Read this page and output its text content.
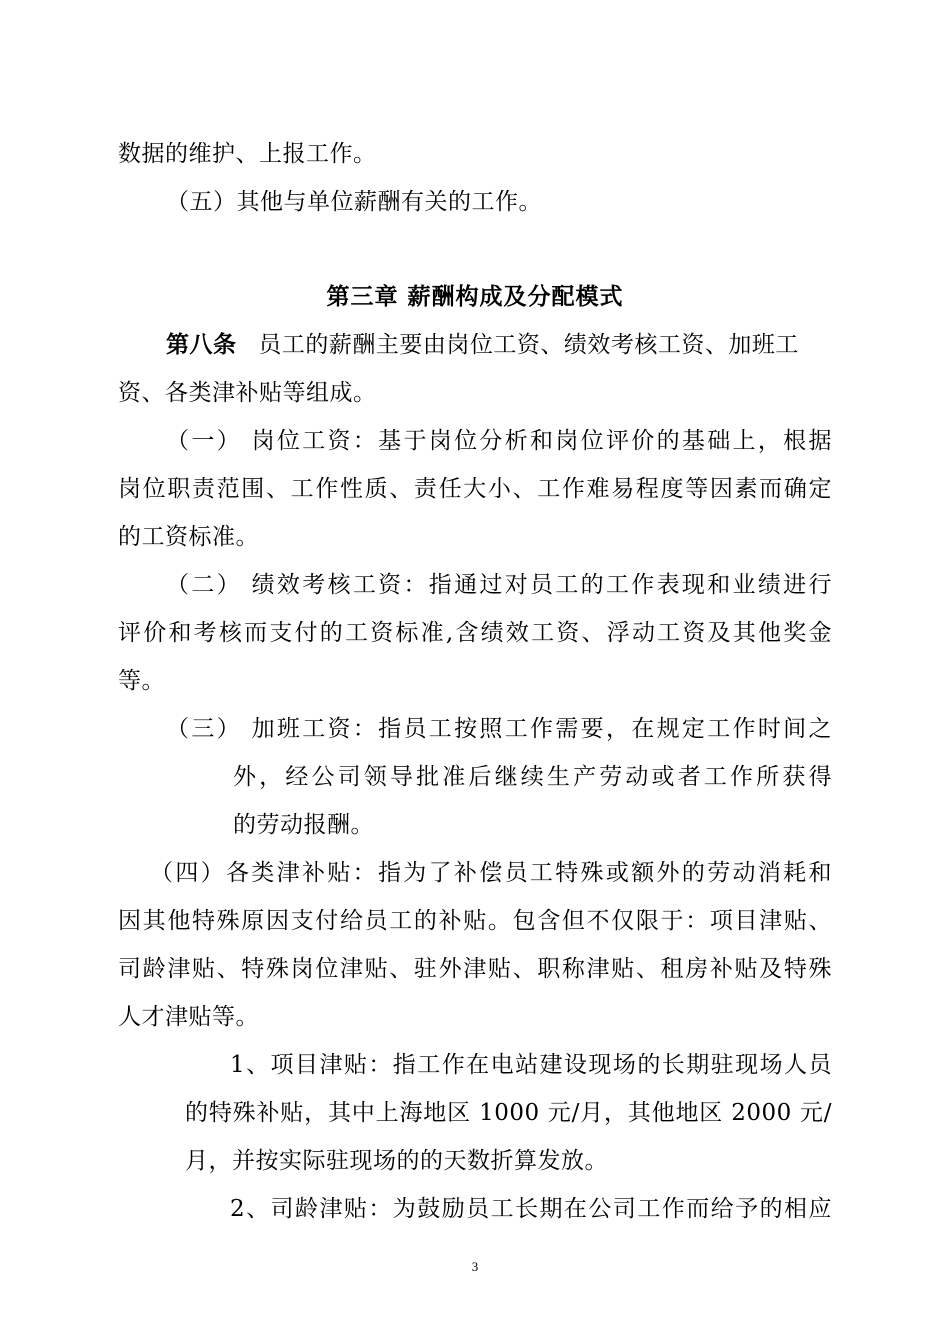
数据的维护、上报工作。
（五）其他与单位薪酬有关的工作。
第三章 薪酬构成及分配模式
第八条 员工的薪酬主要由岗位工资、绩效考核工资、加班工
资、各类津补贴等组成。
（一） 岗位工资：基于岗位分析和岗位评价的基础上，根据
岗位职责范围、工作性质、责任大小、工作难易程度等因素而确定
的工资标准。
（二） 绩效考核工资：指通过对员工的工作表现和业绩进行
评价和考核而支付的工资标准,含绩效工资、浮动工资及其他奖金
等。
（三） 加班工资：指员工按照工作需要，在规定工作时间之
外，经公司领导批准后继续生产劳动或者工作所获得
的劳动报酬。
（四）各类津补贴：指为了补偿员工特殊或额外的劳动消耗和
因其他特殊原因支付给员工的补贴。包含但不仅限于：项目津贴、
司龄津贴、特殊岗位津贴、驻外津贴、职称津贴、租房补贴及特殊
人才津贴等。
1、项目津贴：指工作在电站建设现场的长期驻现场人员
的特殊补贴，其中上海地区 1000 元/月，其他地区 2000 元/
月，并按实际驻现场的的天数折算发放。
2、司龄津贴：为鼓励员工长期在公司工作而给予的相应
3
